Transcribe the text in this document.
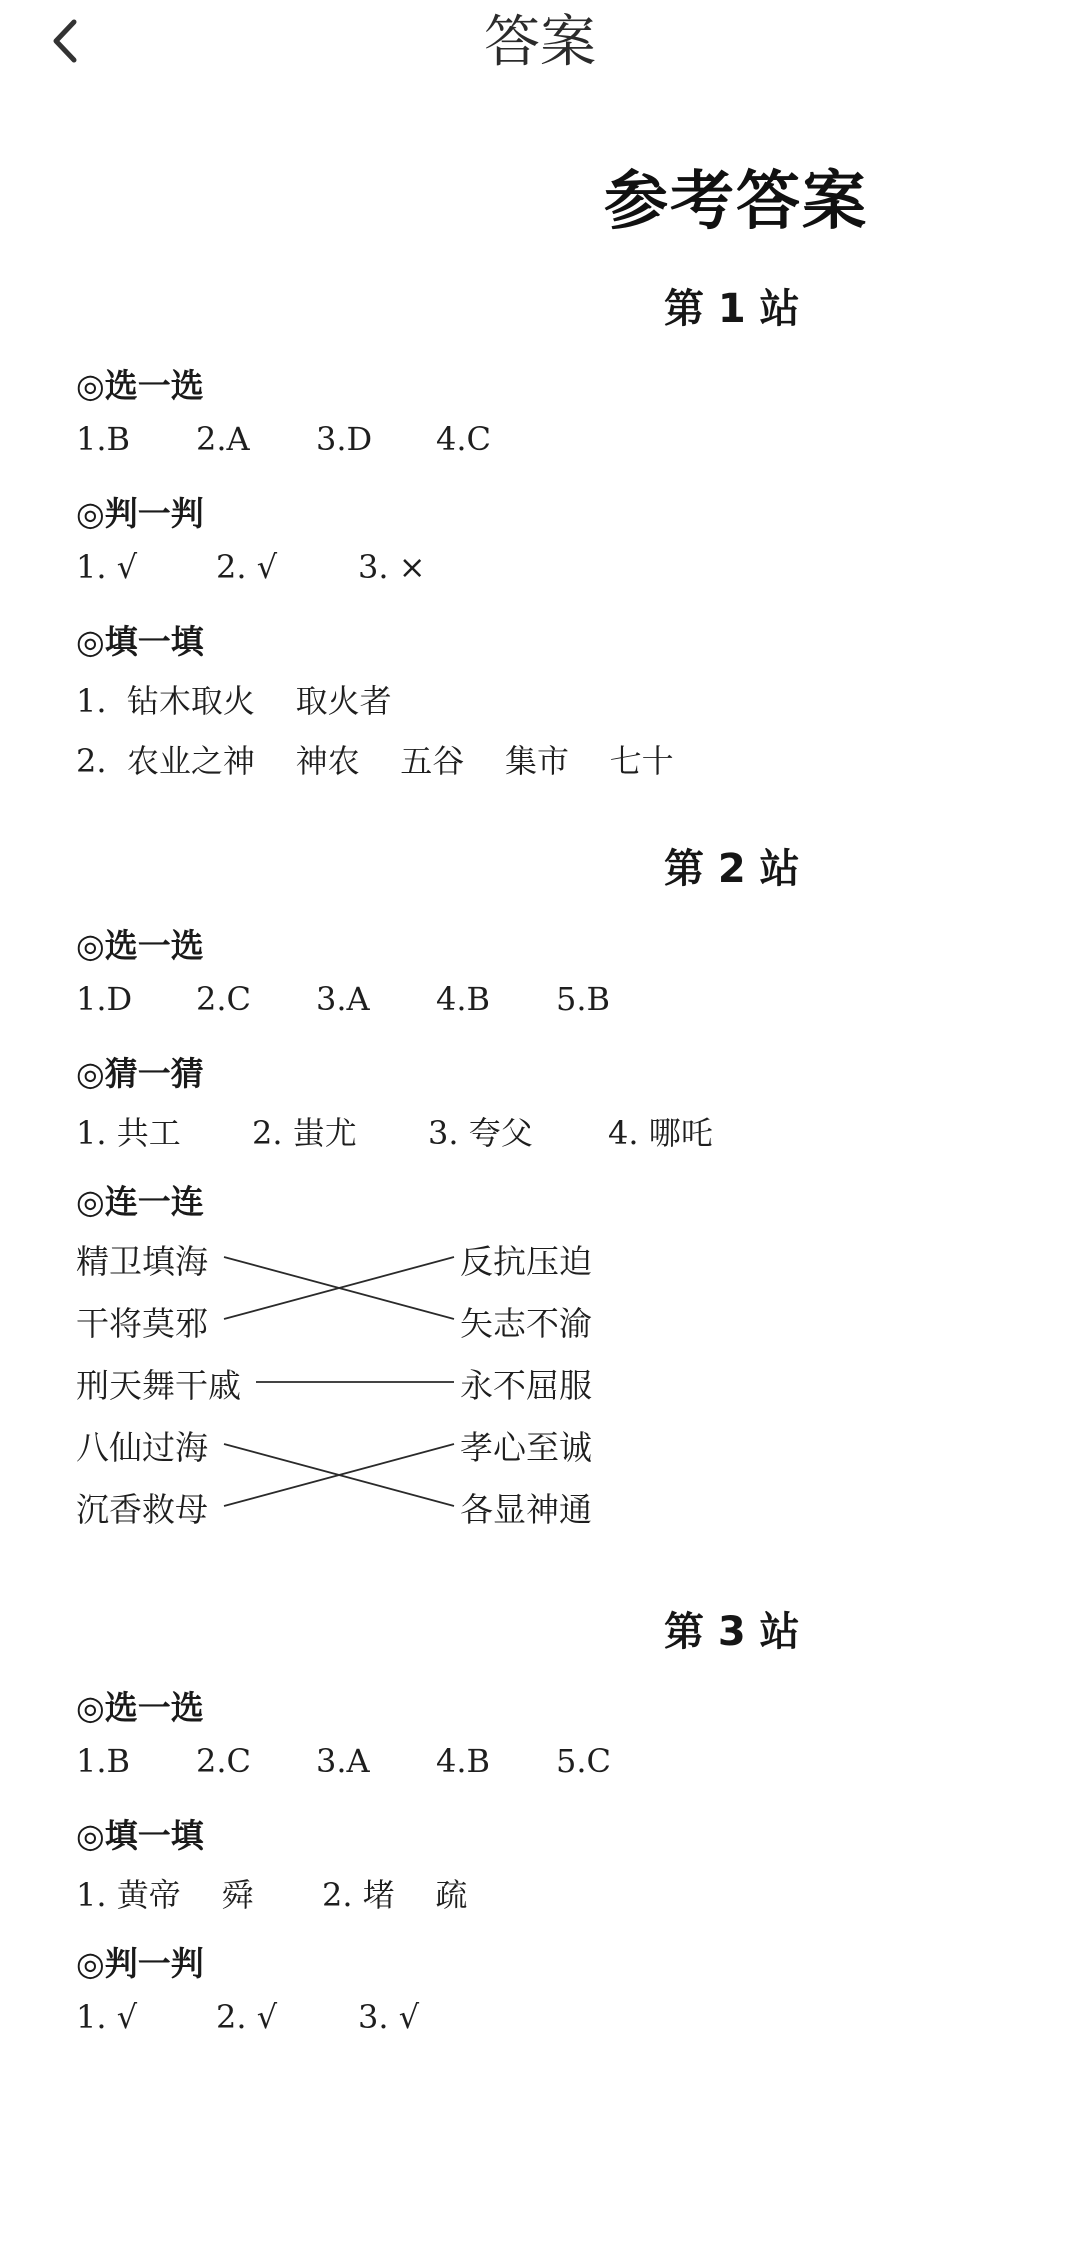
答案
参考答案
第 1 站
◎选一选
1.B 2.A 3.D 4.C
◎判一判
1. √ 2. √	3. ×
◎填一填
1.  钻木取火    取火者
2.  农业之神    神农    五谷    集市    七十
第 2 站
◎选一选
1.D 2.C 3.A 4.B 5.B
◎猜一猜
1. 共工 2. 蚩尤 3. 夸父 4. 哪吒
◎连一连
精卫填海
干将莫邪
刑天舞干戚
八仙过海
沉香救母
反抗压迫
矢志不渝
永不屈服
孝心至诚
各显神通
第 3 站
◎选一选
1.B 2.C 3.A 4.B 5.C
◎填一填
1. 黄帝    舜 2. 堵    疏
◎判一判
1. √ 2. √	3. √
